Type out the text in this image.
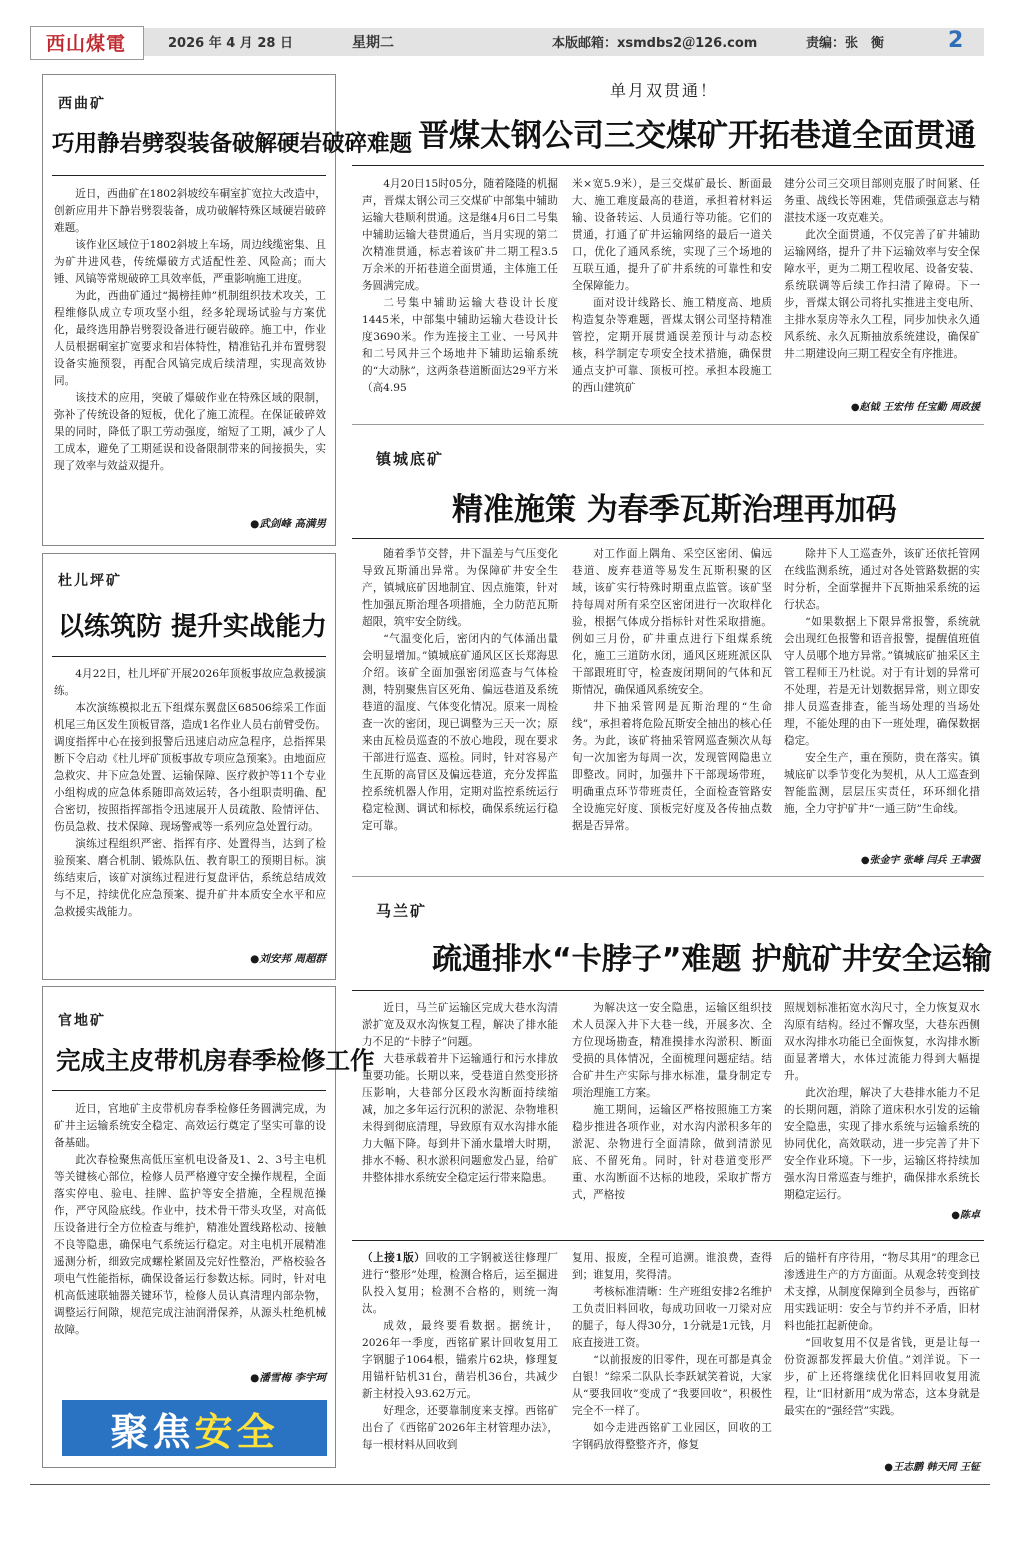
西山煤電	2026 年 4 月 28 日	星期二	本版邮箱：xsmdbs2＠126.com	责编：张　衡	2
西曲矿
巧用静岩劈裂装备破解硬岩破碎难题

近日，西曲矿在1802斜坡绞车硐室扩宽拉大改造中，创新应用井下静岩劈裂装备，成功破解特殊区域硬岩破碎难题。

该作业区域位于1802斜坡上车场，周边线缆密集、且为矿井进风巷，传统爆破方式适配性差、风险高；而大锤、风镐等常规破碎工具效率低，严重影响施工进度。

为此，西曲矿通过“揭榜挂帅”机制组织技术攻关，工程维修队成立专项攻坚小组，经多轮现场试验与方案优化，最终选用静岩劈裂设备进行硬岩破碎。施工中，作业人员根据硐室扩宽要求和岩体特性，精准钻孔并布置劈裂设备实施预裂，再配合风镐完成后续清理，实现高效协同。

该技术的应用，突破了爆破作业在特殊区域的限制，弥补了传统设备的短板，优化了施工流程。在保证破碎效果的同时，降低了职工劳动强度，缩短了工期，减少了人工成本，避免了工期延误和设备限制带来的间接损失，实现了效率与效益双提升。

●武剑峰 高满男
杜儿坪矿
以练筑防 提升实战能力

4月22日，杜儿坪矿开展2026年顶板事故应急救援演练。

本次演练模拟北五下组煤东翼盘区68506综采工作面机尾三角区发生顶板冒落，造成1名作业人员右前臂受伤。调度指挥中心在接到报警后迅速启动应急程序，总指挥果断下令启动《杜儿坪矿顶板事故专项应急预案》。由地面应急救灾、井下应急处置、运输保障、医疗救护等11个专业小组构成的应急体系随即高效运转，各小组职责明确、配合密切，按照指挥部指令迅速展开人员疏散、险情评估、伤员急救、技术保障、现场警戒等一系列应急处置行动。

演练过程组织严密、指挥有序、处置得当，达到了检验预案、磨合机制、锻炼队伍、教育职工的预期目标。演练结束后，该矿对演练过程进行复盘评估，系统总结成效与不足，持续优化应急预案、提升矿井本质安全水平和应急救援实战能力。

●刘安邦 周超群
官地矿
完成主皮带机房春季检修工作

近日，官地矿主皮带机房春季检修任务圆满完成，为矿井主运输系统安全稳定、高效运行奠定了坚实可靠的设备基础。

此次春检聚焦高低压室机电设备及1、2、3号主电机等关键核心部位，检修人员严格遵守安全操作规程，全面落实停电、验电、挂牌、监护等安全措施，全程规范操作，严守风险底线。作业中，技术骨干带头攻坚，对高低压设备进行全方位检查与维护，精准处置线路松动、接触不良等隐患，确保电气系统运行稳定。对主电机开展精准遥测分析，细致完成螺栓紧固及完好性整治，严格校验各项电气性能指标，确保设备运行参数达标。同时，针对电机高低速联轴器关键环节，检修人员认真清理内部杂物，调整运行间隙，规范完成注油润滑保养，从源头杜绝机械故障。

●潘雪梅 李宇珂
聚焦 安全
单月双贯通！
晋煤太钢公司三交煤矿开拓巷道全面贯通

4月20日15时05分，随着隆隆的机掘声，晋煤太钢公司三交煤矿中部集中辅助运输大巷顺利贯通。这是继4月6日二号集中辅助运输大巷贯通后，当月实现的第二次精准贯通，标志着该矿井二期工程3.5万余米的开拓巷道全面贯通，主体施工任务圆满完成。

二号集中辅助运输大巷设计长度1445米，中部集中辅助运输大巷设计长度3690米。作为连接主工业、一号风井和二号风井三个场地井下辅助运输系统的“大动脉”，这两条巷道断面达29平方米（高4.95

米×宽5.9米），是三交煤矿最长、断面最大、施工难度最高的巷道，承担着材料运输、设备转运、人员通行等功能。它们的贯通，打通了矿井运输网络的最后一道关口，优化了通风系统，实现了三个场地的互联互通，提升了矿井系统的可靠性和安全保障能力。

面对设计线路长、施工精度高、地质构造复杂等难题，晋煤太钢公司坚持精准管控，定期开展贯通误差预计与动态校核，科学制定专项安全技术措施，确保贯通点支护可靠、顶板可控。承担本段施工的西山建筑矿

建分公司三交项目部则克服了时间紧、任务重、战线长等困难，凭借顽强意志与精湛技术逐一攻克难关。

此次全面贯通，不仅完善了矿井辅助运输网络，提升了井下运输效率与安全保障水平，更为二期工程收尾、设备安装、系统联调等后续工作扫清了障碍。下一步，晋煤太钢公司将扎实推进主变电所、主排水泵房等永久工程，同步加快永久通风系统、永久瓦斯抽放系统建设，确保矿井二期建设向三期工程安全有序推进。

●赵钺 王宏伟 任宝勤 周政援
镇城底矿
精准施策 为春季瓦斯治理再加码

随着季节交替，井下温差与气压变化导致瓦斯涌出异常。为保障矿井安全生产，镇城底矿因地制宜、因点施策，针对性加强瓦斯治理各项措施，全力防范瓦斯超限，筑牢安全防线。

“气温变化后，密闭内的气体涌出量会明显增加。”镇城底矿通风区区长郑海思介绍。该矿全面加强密闭巡查与气体检测，特别聚焦盲区死角、偏远巷道及系统巷道的温度、气体变化情况。原来一周检查一次的密闭，现已调整为三天一次；原来由瓦检员巡查的不放心地段，现在要求干部进行巡查、巡检。同时，针对容易产生瓦斯的高冒区及偏远巷道，充分发挥监控系统机器人作用，定期对监控系统运行稳定检测、调试和标校，确保系统运行稳定可靠。

对工作面上隅角、采空区密闭、偏远巷道、废弃巷道等易发生瓦斯积聚的区域，该矿实行特殊时期重点监管。该矿坚持每周对所有采空区密闭进行一次取样化验，根据气体成分指标针对性采取措施。例如三月份，矿井重点进行下组煤系统化，施工三道防水闭，通风区班班派区队干部跟班盯守，检查废闭期间的气体和瓦斯情况，确保通风系统安全。

井下抽采管网是瓦斯治理的“生命线”，承担着将危险瓦斯安全抽出的核心任务。为此，该矿将抽采管网巡查频次从每旬一次加密为每周一次，发现管网隐患立即整改。同时，加强井下干部现场带班，明确重点环节带班责任，全面检查管路安全设施完好度、顶板完好度及各传抽点数据是否异常。

除井下人工巡查外，该矿还依托管网在线监测系统，通过对各处管路数据的实时分析，全面掌握井下瓦斯抽采系统的运行状态。

“如果数据上下限异常报警，系统就会出现红色报警和语音报警，提醒值班值守人员哪个地方异常。”镇城底矿抽采区主管工程师王乃杜说。对于有计划的异常可不处理，若是无计划数据异常，则立即安排人员巡查排查，能当场处理的当场处理，不能处理的由下一班处理，确保数据稳定。

安全生产，重在预防，贵在落实。镇城底矿以季节变化为契机，从人工巡查到智能监测，层层压实责任，环环细化措施，全力守护矿井“一通三防”生命线。

●张金宇 张峰 闫兵 王聿强
马兰矿
疏通排水“卡脖子”难题 护航矿井安全运输

近日，马兰矿运输区完成大巷水沟清淤扩宽及双水沟恢复工程，解决了排水能力不足的“卡脖子”问题。

大巷承载着井下运输通行和污水排放重要功能。长期以来，受巷道自然变形挤压影响，大巷部分区段水沟断面持续缩减，加之多年运行沉积的淤泥、杂物堆积未得到彻底清理，导致原有双水沟排水能力大幅下降。每到井下涌水量增大时期，排水不畅、积水淤积问题愈发凸显，给矿井整体排水系统安全稳定运行带来隐患。

为解决这一安全隐患，运输区组织技术人员深入井下大巷一线，开展多次、全方位现场勘查，精准摸排水沟淤积、断面受损的具体情况，全面梳理问题症结。结合矿井生产实际与排水标准，量身制定专项治理施工方案。

施工期间，运输区严格按照施工方案稳步推进各项作业，对水沟内淤积多年的淤泥、杂物进行全面清除，做到清淤见底、不留死角。同时，针对巷道变形严重、水沟断面不达标的地段，采取扩帮方式，严格按

照规划标准拓宽水沟尺寸，全力恢复双水沟原有结构。经过不懈攻坚，大巷东西侧双水沟排水功能已全面恢复，水沟排水断面显著增大，水体过流能力得到大幅提升。

此次治理，解决了大巷排水能力不足的长期问题，消除了道床积水引发的运输安全隐患，实现了排水系统与运输系统的协同优化，高效联动，进一步完善了井下安全作业环境。下一步，运输区将持续加强水沟日常巡查与维护，确保排水系统长期稳定运行。

●陈卓

（上接1版）回收的工字钢被送往修理厂进行“整形”处理，检测合格后，运至掘进队投入复用；检测不合格的，则统一淘汰。

成效，最终要看数据。据统计，2026年一季度，西铭矿累计回收复用工字钢腿子1064根，锚索片62块，修理复用锚杆钻机31台，凿岩机36台，共减少新主材投入93.62万元。

好理念，还要靠制度来支撑。西铭矿出台了《西铭矿2026年主材管理办法》，每一根材料从回收到

复用、报废，全程可追溯。谁浪费，查得到；谁复用，奖得清。

考核标准清晰：生产班组安排2名维护工负责旧料回收，每成功回收一刀梁对应的腿子，每人得30分，1分就是1元钱，月底直接进工资。

“以前报废的旧零件，现在可都是真金白银！”综采二队队长李跃斌笑着说，大家从“要我回收”变成了“我要回收”，积极性完全不一样了。

如今走进西铭矿工业园区，回收的工字钢码放得整整齐齐，修复

后的锚杆有序待用，“物尽其用”的理念已渗透进生产的方方面面。从观念转变到技术支撑，从制度保障到全员参与，西铭矿用实践证明：安全与节约并不矛盾，旧材料也能扛起新使命。

“回收复用不仅是省钱，更是让每一份资源都发挥最大价值。”刘洋说。下一步，矿上还将继续优化旧料回收复用流程，让“旧材新用”成为常态，这本身就是最实在的“强经营”实践。

●王志鹏 韩天同 王钲
